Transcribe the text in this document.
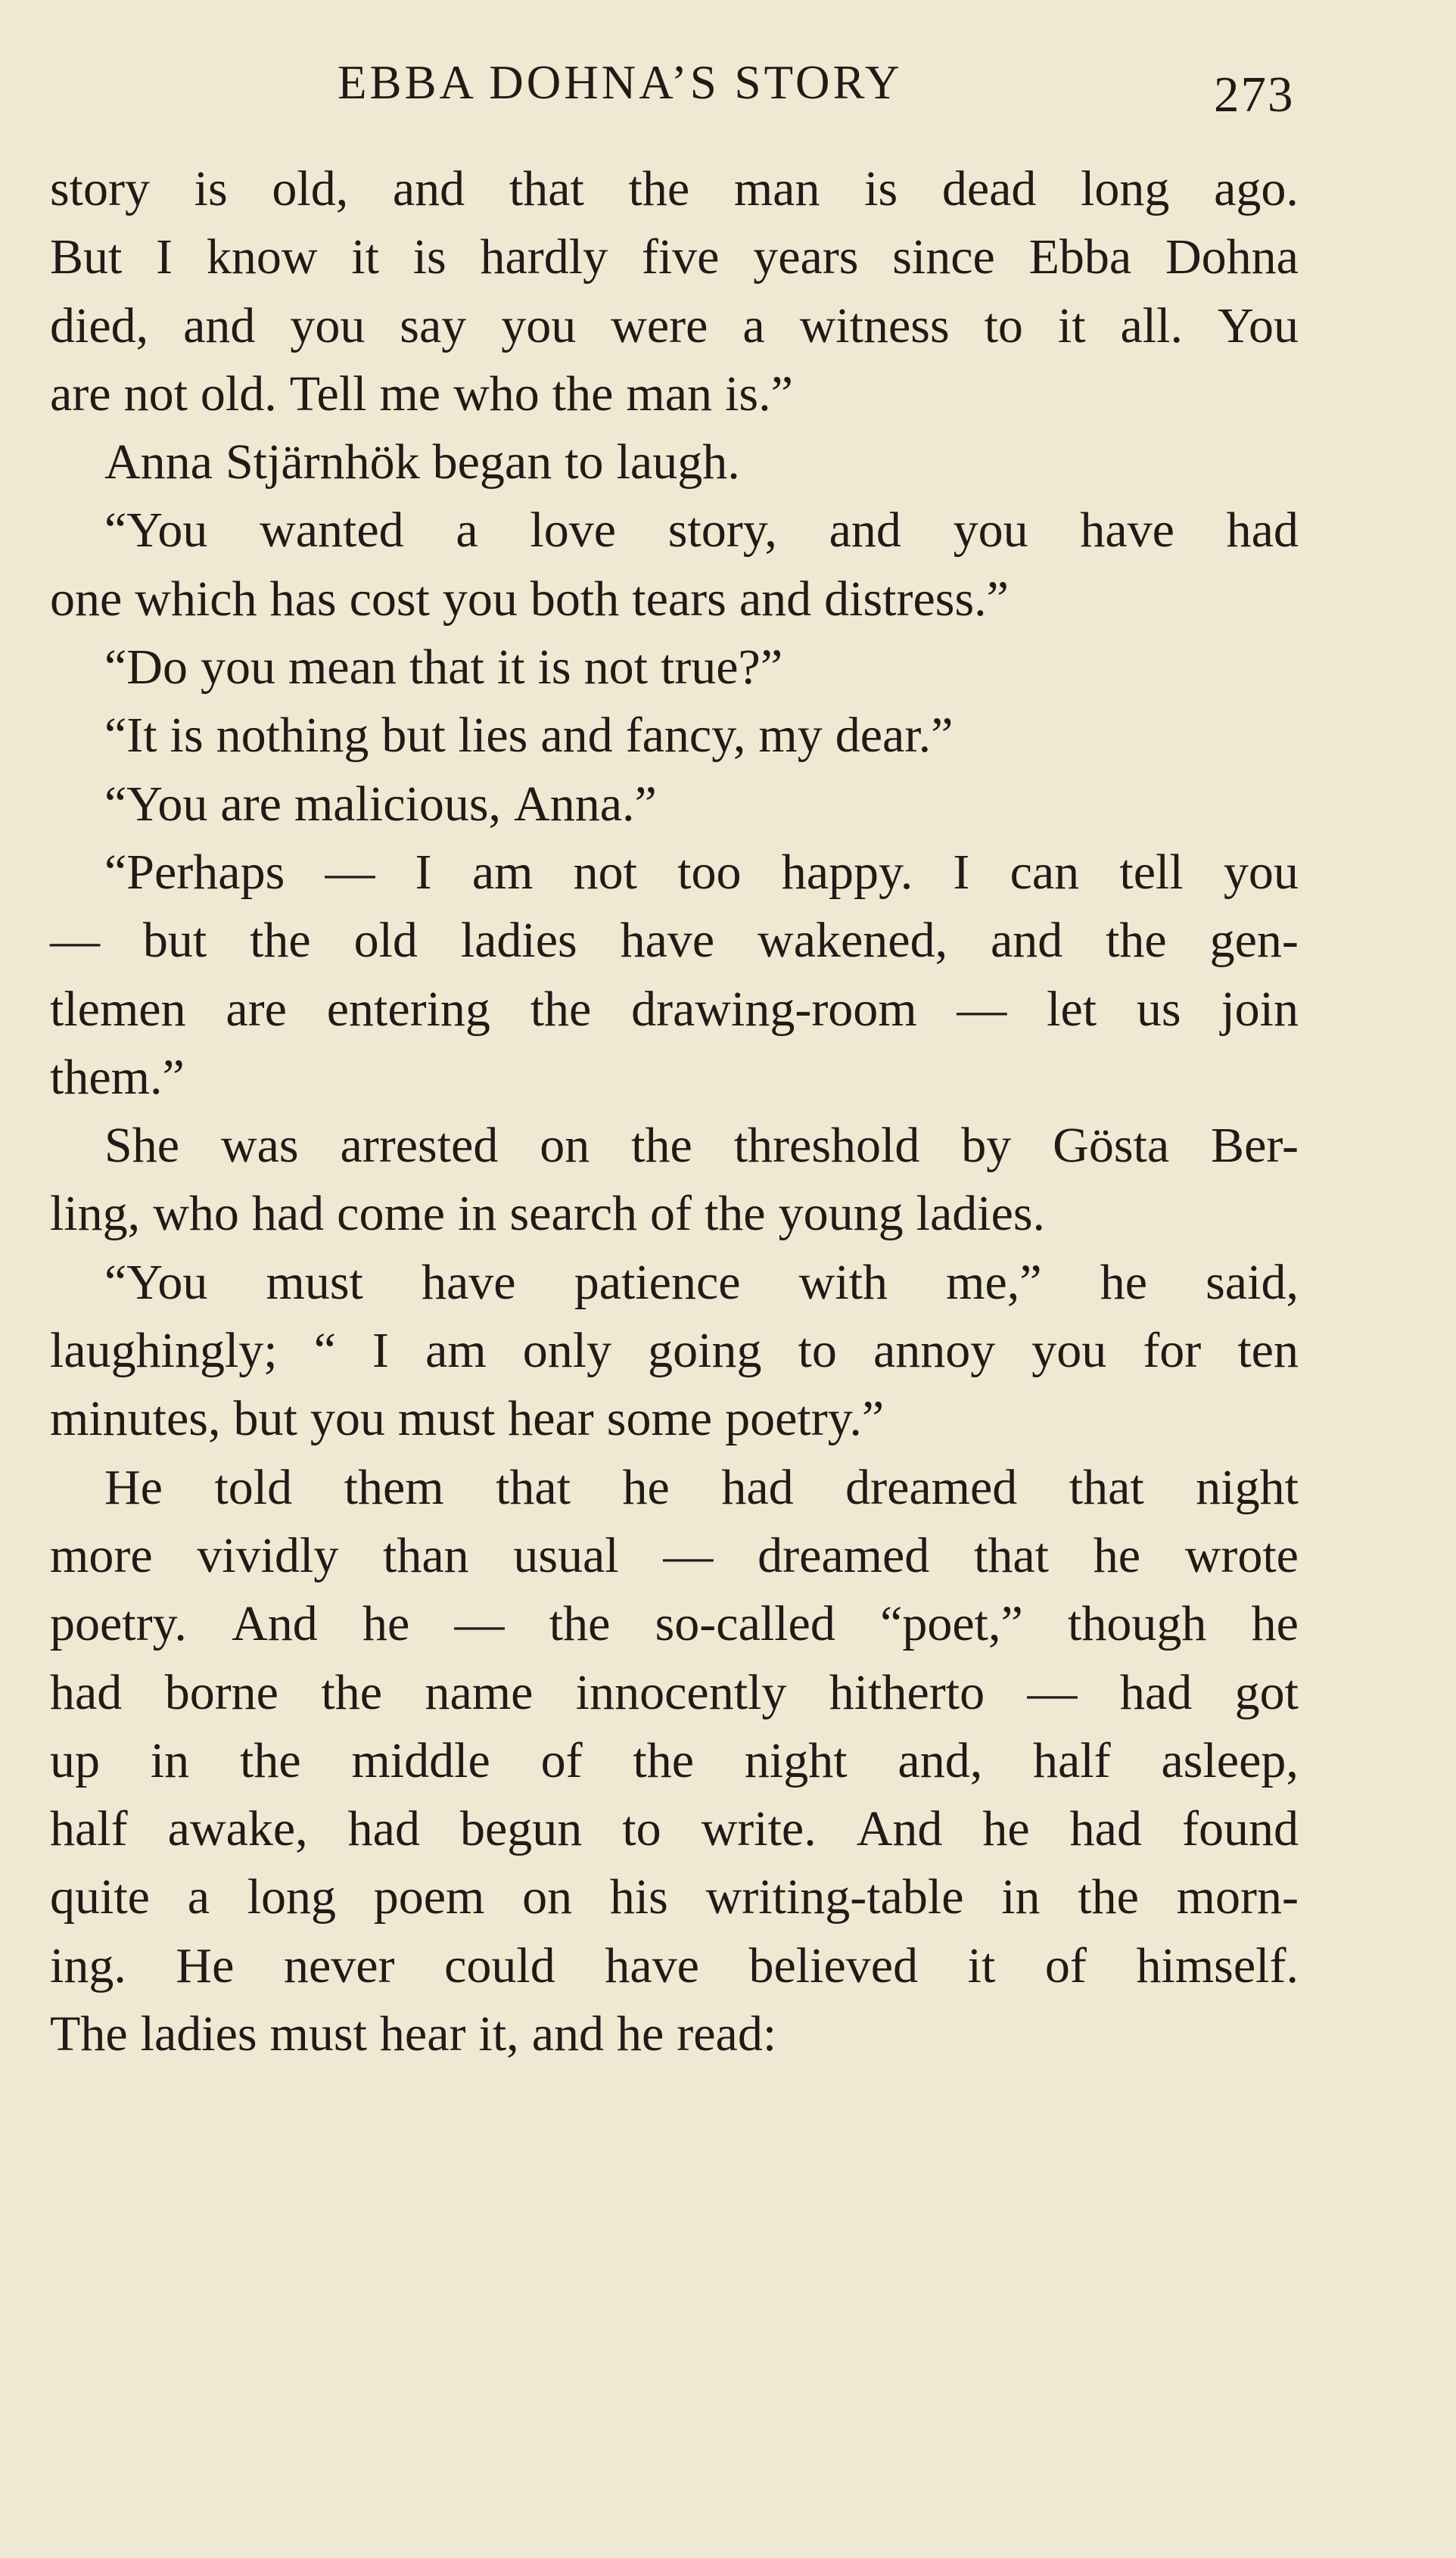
EBBA DOHNA’S STORY	273
story is old, and that the man is dead long ago.
But I know it is hardly five years since Ebba Dohna
died, and you say you were a witness to it all. You
are not old. Tell me who the man is.”
Anna Stjärnhök began to laugh.
“You wanted a love story, and you have had
one which has cost you both tears and distress.”
“Do you mean that it is not true?”
“It is nothing but lies and fancy, my dear.”
“You are malicious, Anna.”
“Perhaps — I am not too happy. I can tell you
— but the old ladies have wakened, and the gen-
tlemen are entering the drawing-room — let us join
them.”
She was arrested on the threshold by Gösta Ber-
ling, who had come in search of the young ladies.
“You must have patience with me,” he said,
laughingly; “ I am only going to annoy you for ten
minutes, but you must hear some poetry.”
He told them that he had dreamed that night
more vividly than usual — dreamed that he wrote
poetry. And he — the so-called “poet,” though he
had borne the name innocently hitherto — had got
up in the middle of the night and, half asleep,
half awake, had begun to write. And he had found
quite a long poem on his writing-table in the morn-
ing. He never could have believed it of himself.
The ladies must hear it, and he read:
